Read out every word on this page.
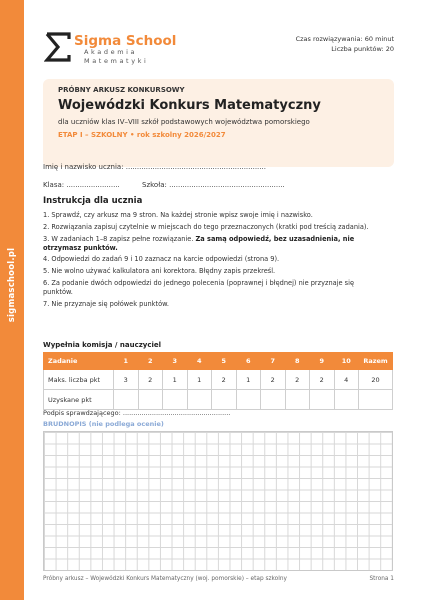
sigmaschool.pl
Sigma School
Akademia
Matematyki
Czas rozwiązywania: 60 minut
Liczba punktów: 20
PRÓBNY ARKUSZ KONKURSOWY
Wojewódzki Konkurs Matematyczny
dla uczniów klas IV–VIII szkół podstawowych województwa pomorskiego
ETAP I – SZKOLNY • rok szkolny 2026/2027
Imię i nazwisko ucznia: ...............................................................
Klasa: ........................	Szkoła: ....................................................
Instrukcja dla ucznia

1. Sprawdź, czy arkusz ma 9 stron. Na każdej stronie wpisz swoje imię i nazwisko.

2. Rozwiązania zapisuj czytelnie w miejscach do tego przeznaczonych (kratki pod treścią zadania).

3. W zadaniach 1–8 zapisz pełne rozwiązanie. Za samą odpowiedź, bez uzasadnienia, nie otrzymasz punktów.

4. Odpowiedzi do zadań 9 i 10 zaznacz na karcie odpowiedzi (strona 9).

5. Nie wolno używać kalkulatora ani korektora. Błędny zapis przekreśl.

6. Za podanie dwóch odpowiedzi do jednego polecenia (poprawnej i błędnej) nie przyznaje się punktów.

7. Nie przyznaje się połówek punktów.

Wypełnia komisja / nauczyciel
Zadanie	1	2	3	4	5	6	7	8	9	10	Razem
Maks. liczba pkt	3	2	1	1	2	1	2	2	2	4	20
Uzyskane pkt											
Podpis sprawdzającego: ....................................................
BRUDNOPIS (nie podlega ocenie)
Próbny arkusz – Wojewódzki Konkurs Matematyczny (woj. pomorskie) – etap szkolny	Strona 1
